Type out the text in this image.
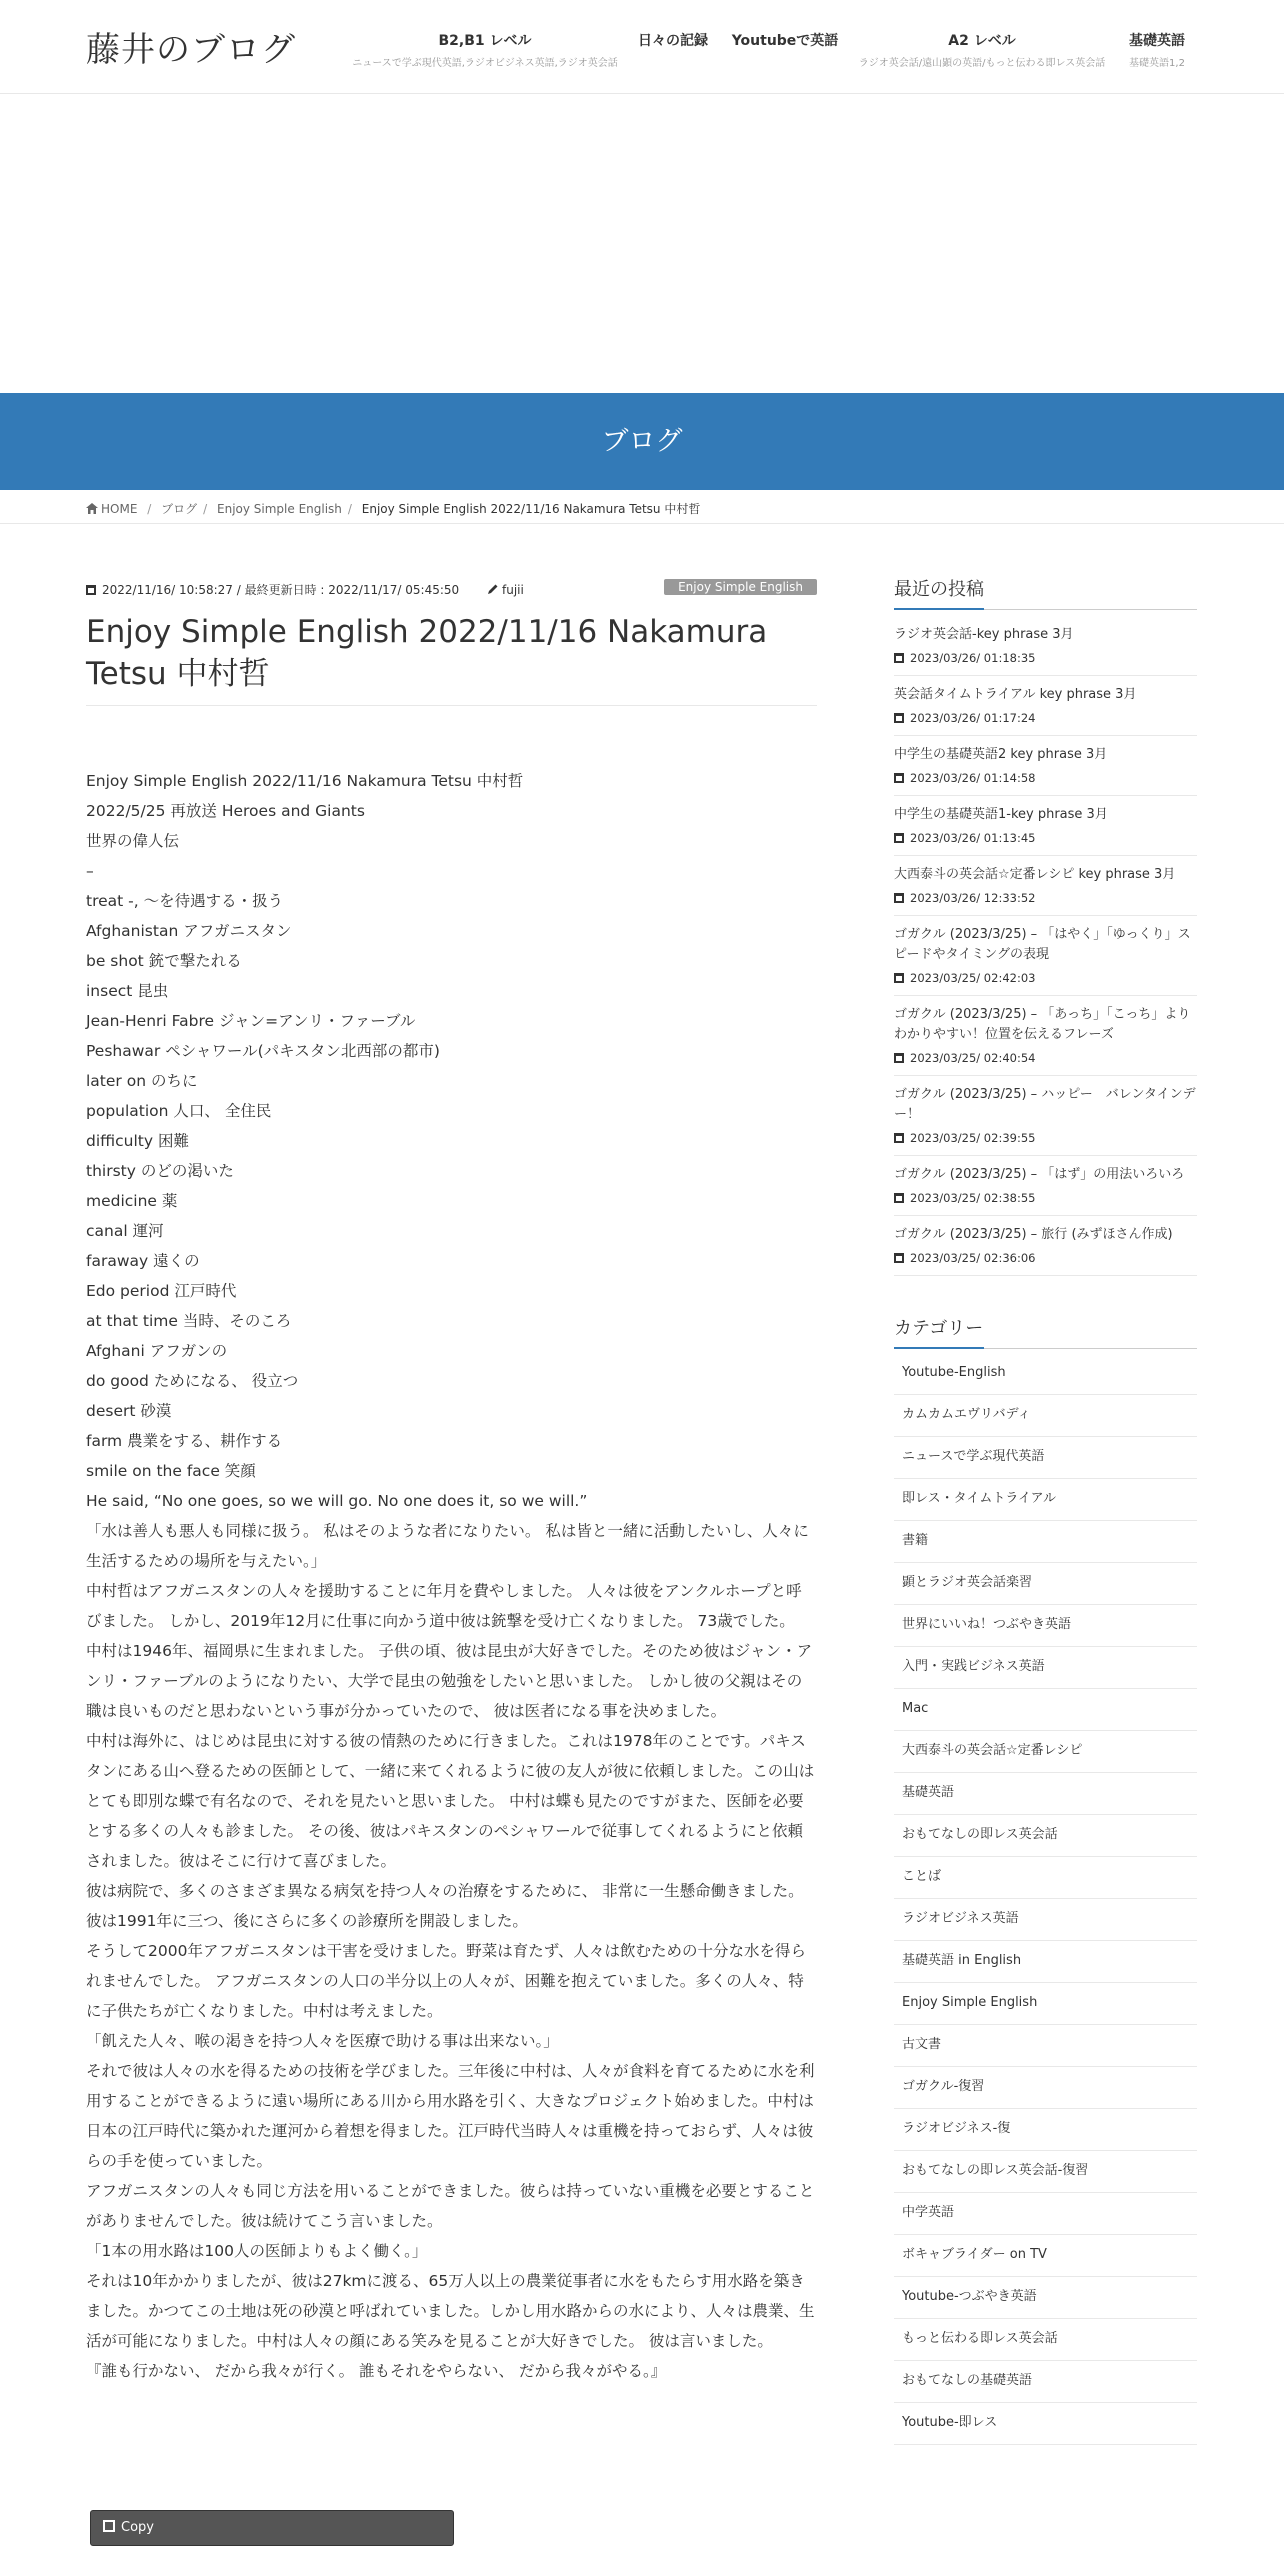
藤井のブログ	B2,B1 レベル
ニュースで学ぶ現代英語,ラジオビジネス英語,ラジオ英会話
日々の記録 Youtubeで英語	A2 レベル
ラジオ英会話/遠山顕の英語/もっと伝わる即レス英会話
基礎英語
基礎英語1,2
ブログ
HOME / ブログ / Enjoy Simple English / Enjoy Simple English 2022/11/16 Nakamura Tetsu 中村哲
2022/11/16/ 10:58:27 / 最終更新日時 : 2022/11/17/ 05:45:50	fujii	Enjoy Simple English
Enjoy Simple English 2022/11/16 Nakamura Tetsu 中村哲

Enjoy Simple English 2022/11/16 Nakamura Tetsu 中村哲

2022/5/25 再放送 Heroes and Giants

世界の偉人伝

–

treat -, 〜を待遇する・扱う

Afghanistan アフガニスタン

be shot 銃で撃たれる

insect 昆虫

Jean-Henri Fabre ジャン=アンリ・ファーブル

Peshawar ペシャワール(パキスタン北西部の都市)

later on のちに

population 人口、 全住民

difficulty 困難

thirsty のどの渇いた

medicine 薬

canal 運河

faraway 遠くの

Edo period 江戸時代

at that time 当時、そのころ

Afghani アフガンの

do good ためになる、 役立つ

desert 砂漠

farm 農業をする、耕作する

smile on the face 笑顔

He said, “No one goes, so we will go. No one does it, so we will.”

「水は善人も悪人も同様に扱う。 私はそのような者になりたい。 私は皆と一緒に活動したいし、人々に生活するための場所を与えたい。」

中村哲はアフガニスタンの人々を援助することに年月を費やしました。 人々は彼をアンクルホープと呼びました。 しかし、2019年12月に仕事に向かう道中彼は銃撃を受け亡くなりました。 73歳でした。

中村は1946年、福岡県に生まれました。 子供の頃、彼は昆虫が大好きでした。そのため彼はジャン・アンリ・ファーブルのようになりたい、大学で昆虫の勉強をしたいと思いました。 しかし彼の父親はその職は良いものだと思わないという事が分かっていたので、 彼は医者になる事を決めました。

中村は海外に、はじめは昆虫に対する彼の情熱のために行きました。これは1978年のことです。パキスタンにある山へ登るための医師として、一緒に来てくれるように彼の友人が彼に依頼しました。この山はとても即別な蝶で有名なので、それを見たいと思いました。 中村は蝶も見たのですがまた、医師を必要とする多くの人々も診ました。 その後、彼はパキスタンのペシャワールで従事してくれるようにと依頼されました。彼はそこに行けて喜びました。

彼は病院で、多くのさまざま異なる病気を持つ人々の治療をするために、 非常に一生懸命働きました。彼は1991年に三つ、後にさらに多くの診療所を開設しました。

そうして2000年アフガニスタンは干害を受けました。野菜は育たず、人々は飲むための十分な水を得られませんでした。 アフガニスタンの人口の半分以上の人々が、困難を抱えていました。多くの人々、特に子供たちが亡くなりました。中村は考えました。

「飢えた人々、喉の渇きを持つ人々を医療で助ける事は出来ない。」

それで彼は人々の水を得るための技術を学びました。三年後に中村は、人々が食料を育てるために水を利用することができるように遠い場所にある川から用水路を引く、大きなプロジェクト始めました。中村は日本の江戸時代に築かれた運河から着想を得ました。江戸時代当時人々は重機を持っておらず、人々は彼らの手を使っていました。

アフガニスタンの人々も同じ方法を用いることができました。彼らは持っていない重機を必要とすることがありませんでした。彼は続けてこう言いました。

「1本の用水路は100人の医師よりもよく働く。」

それは10年かかりましたが、彼は27kmに渡る、65万人以上の農業従事者に水をもたらす用水路を築きました。かつてこの土地は死の砂漠と呼ばれていました。しかし用水路からの水により、人々は農業、生活が可能になりました。中村は人々の顔にある笑みを見ることが大好きでした。 彼は言いました。

『誰も行かない、 だから我々が行く。 誰もそれをやらない、 だから我々がやる。』

Copy
最近の投稿
ラジオ英会話-key phrase 3月
2023/03/26/ 01:18:35
英会話タイムトライアル key phrase 3月
2023/03/26/ 01:17:24
中学生の基礎英語2 key phrase 3月
2023/03/26/ 01:14:58
中学生の基礎英語1-key phrase 3月
2023/03/26/ 01:13:45
大西泰斗の英会話☆定番レシピ key phrase 3月
2023/03/26/ 12:33:52
ゴガクル (2023/3/25) – 「はやく」「ゆっくり」スピードやタイミングの表現
2023/03/25/ 02:42:03
ゴガクル (2023/3/25) – 「あっち」「こっち」よりわかりやすい！位置を伝えるフレーズ
2023/03/25/ 02:40:54
ゴガクル (2023/3/25) – ハッピー　バレンタインデー！
2023/03/25/ 02:39:55
ゴガクル (2023/3/25) – 「はず」の用法いろいろ
2023/03/25/ 02:38:55
ゴガクル (2023/3/25) – 旅行 (みずほさん作成)
2023/03/25/ 02:36:06
カテゴリー
Youtube-English
カムカムエヴリバディ
ニュースで学ぶ現代英語
即レス・タイムトライアル
書籍
顕とラジオ英会話楽習
世界にいいね！つぶやき英語
入門・実践ビジネス英語
Mac
大西泰斗の英会話☆定番レシピ
基礎英語
おもてなしの即レス英会話
ことば
ラジオビジネス英語
基礎英語 in English
Enjoy Simple English
古文書
ゴガクル-復習
ラジオビジネス-復
おもてなしの即レス英会話-復習
中学英語
ボキャブライダー on TV
Youtube-つぶやき英語
もっと伝わる即レス英会話
おもてなしの基礎英語
Youtube-即レス
